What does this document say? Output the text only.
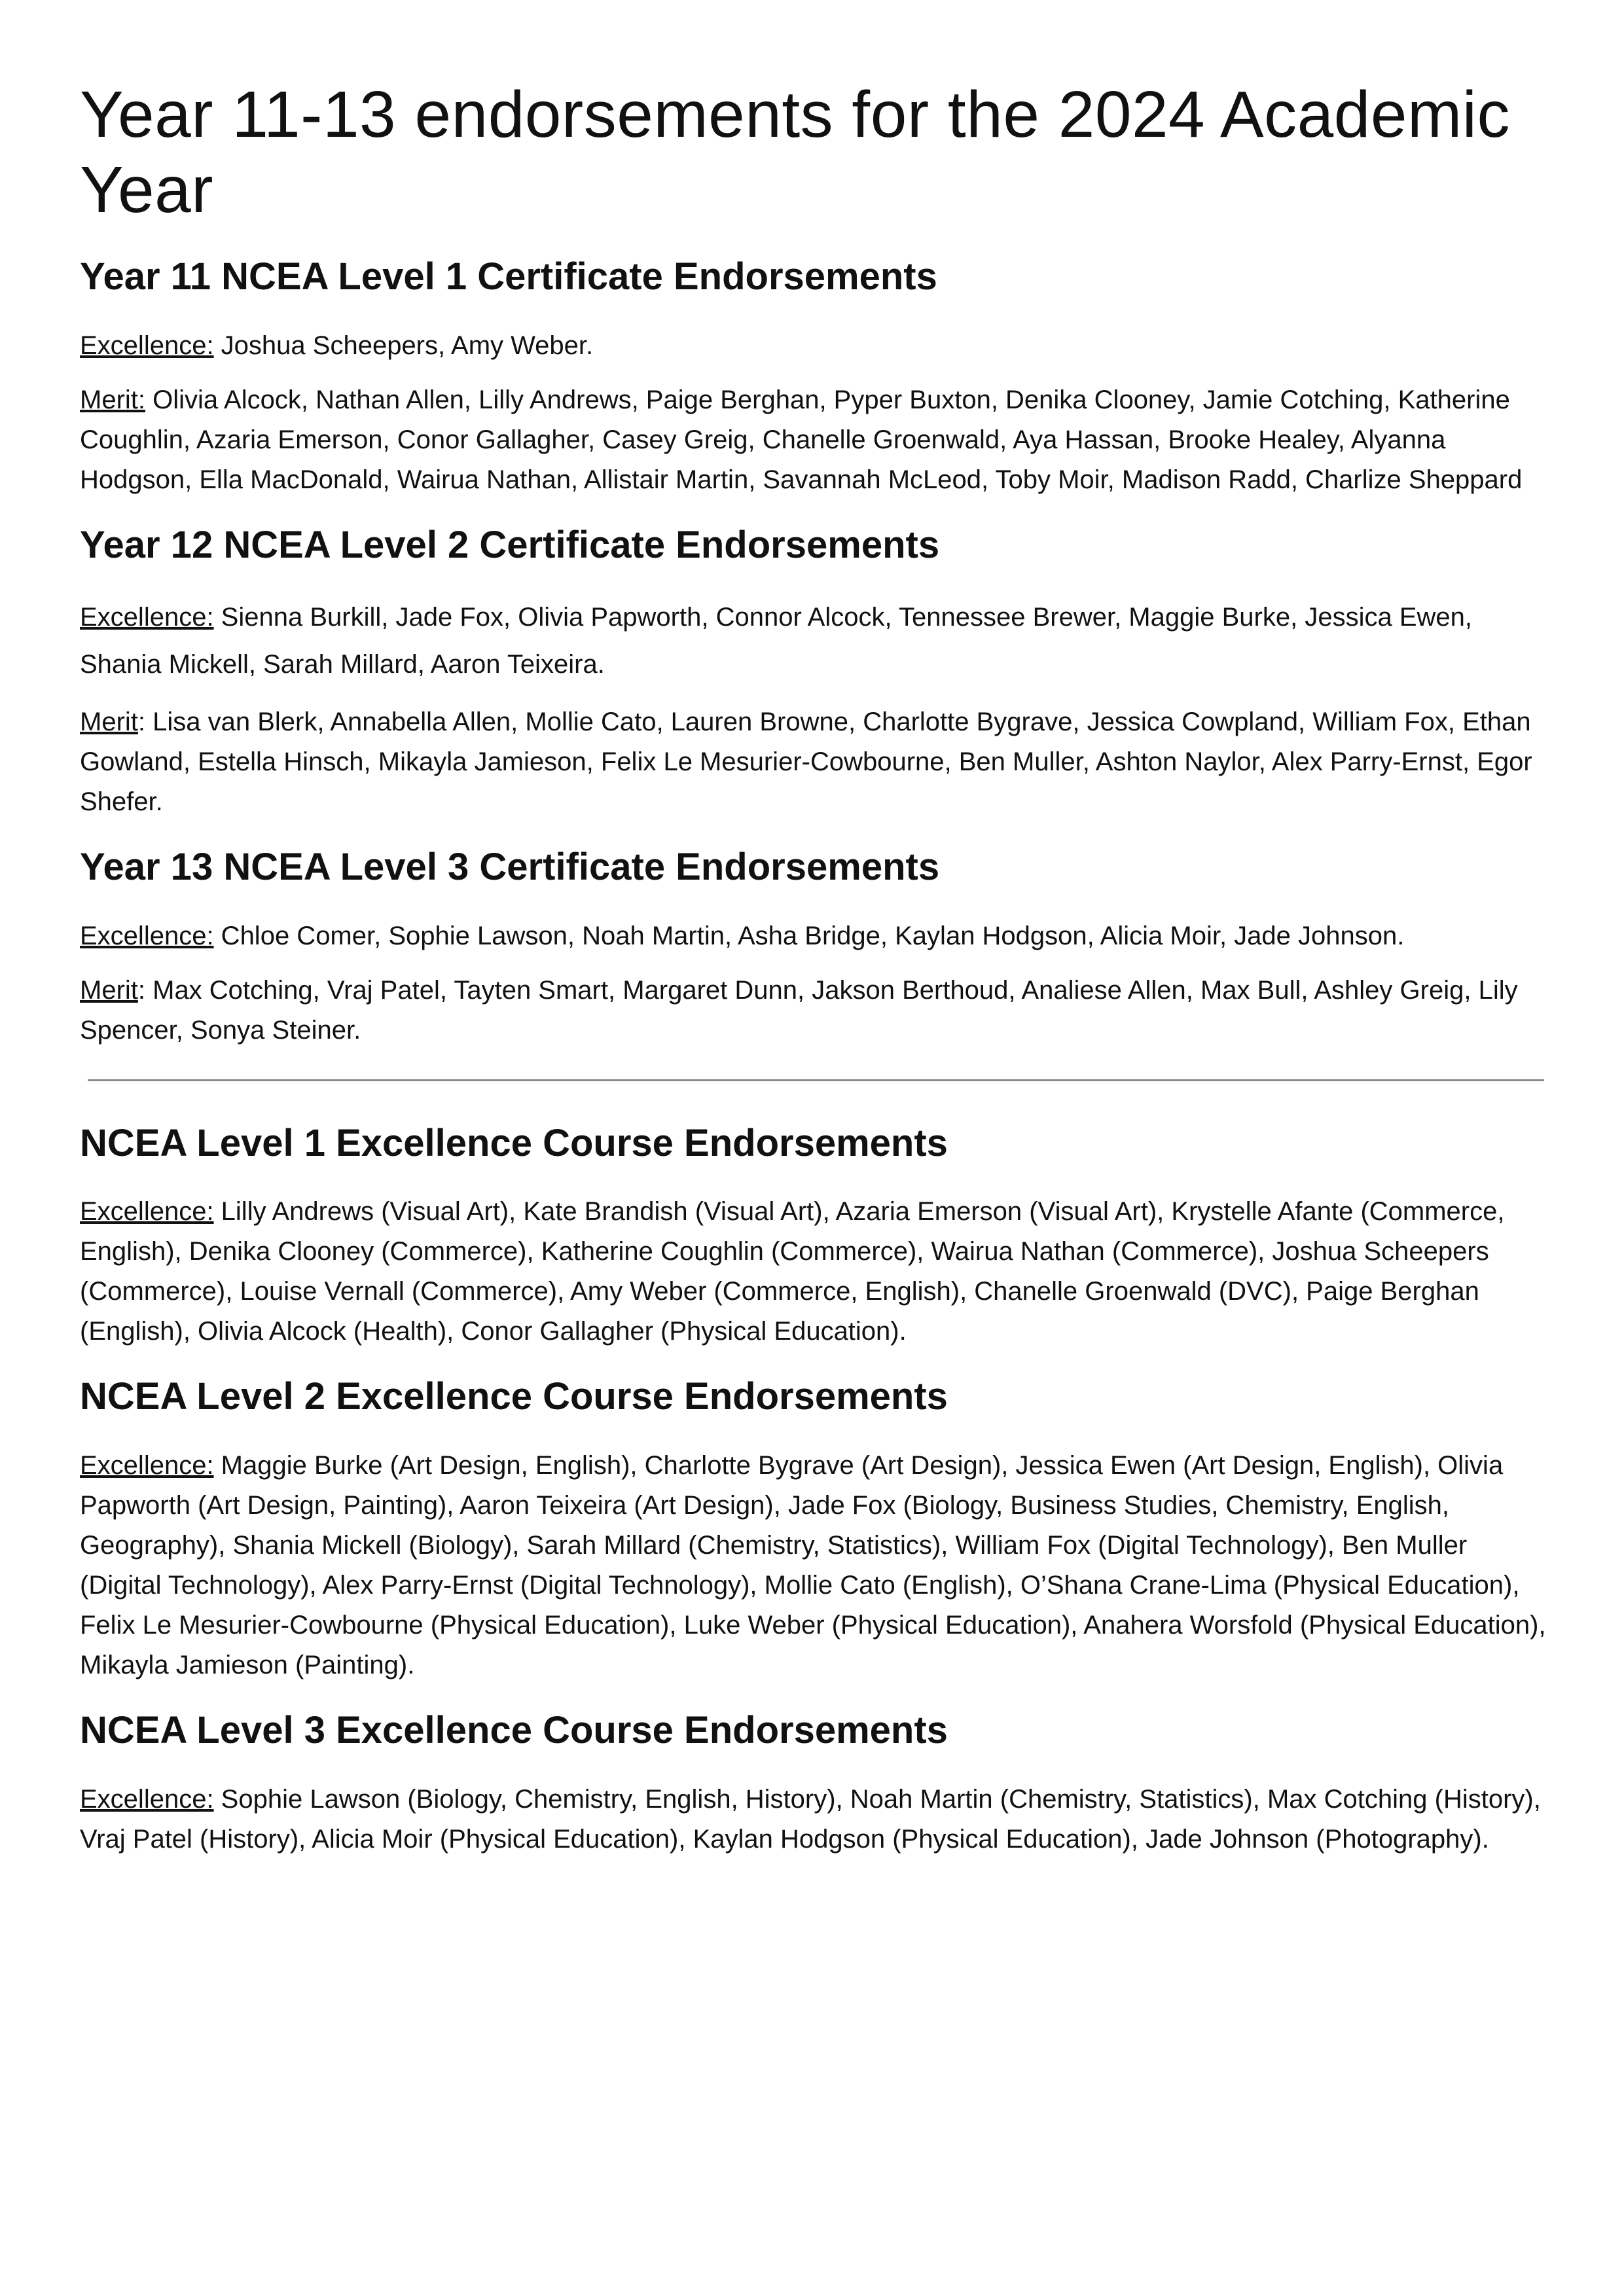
Year 11-13 endorsements for the 2024 Academic Year
Year 11 NCEA Level 1 Certificate Endorsements

Excellence: Joshua Scheepers, Amy Weber.

Merit: Olivia Alcock, Nathan Allen, Lilly Andrews, Paige Berghan, Pyper Buxton, Denika Clooney, Jamie Cotching, Katherine Coughlin, Azaria Emerson, Conor Gallagher, Casey Greig, Chanelle Groenwald, Aya Hassan, Brooke Healey, Alyanna Hodgson, Ella MacDonald, Wairua Nathan, Allistair Martin, Savannah McLeod, Toby Moir, Madison Radd, Charlize Sheppard

Year 12 NCEA Level 2 Certificate Endorsements

Excellence: Sienna Burkill, Jade Fox, Olivia Papworth, Connor Alcock, Tennessee Brewer, Maggie Burke, Jessica Ewen, Shania Mickell, Sarah Millard, Aaron Teixeira.

Merit: Lisa van Blerk, Annabella Allen, Mollie Cato, Lauren Browne, Charlotte Bygrave, Jessica Cowpland, William Fox, Ethan Gowland, Estella Hinsch, Mikayla Jamieson, Felix Le Mesurier-Cowbourne, Ben Muller, Ashton Naylor, Alex Parry-Ernst, Egor Shefer.

Year 13 NCEA Level 3 Certificate Endorsements

Excellence: Chloe Comer, Sophie Lawson, Noah Martin, Asha Bridge, Kaylan Hodgson, Alicia Moir, Jade Johnson.

Merit: Max Cotching, Vraj Patel, Tayten Smart, Margaret Dunn, Jakson Berthoud, Analiese Allen, Max Bull, Ashley Greig, Lily Spencer, Sonya Steiner.

NCEA Level 1 Excellence Course Endorsements

Excellence: Lilly Andrews (Visual Art), Kate Brandish (Visual Art), Azaria Emerson (Visual Art), Krystelle Afante (Commerce, English), Denika Clooney (Commerce), Katherine Coughlin (Commerce), Wairua Nathan (Commerce), Joshua Scheepers (Commerce), Louise Vernall (Commerce), Amy Weber (Commerce, English), Chanelle Groenwald (DVC), Paige Berghan (English), Olivia Alcock (Health), Conor Gallagher (Physical Education).

NCEA Level 2 Excellence Course Endorsements

Excellence: Maggie Burke (Art Design, English), Charlotte Bygrave (Art Design), Jessica Ewen (Art Design, English), Olivia Papworth (Art Design, Painting), Aaron Teixeira (Art Design), Jade Fox (Biology, Business Studies, Chemistry, English, Geography), Shania Mickell (Biology), Sarah Millard (Chemistry, Statistics), William Fox (Digital Technology), Ben Muller (Digital Technology), Alex Parry-Ernst (Digital Technology), Mollie Cato (English), O’Shana Crane-Lima (Physical Education), Felix Le Mesurier-Cowbourne (Physical Education), Luke Weber (Physical Education), Anahera Worsfold (Physical Education), Mikayla Jamieson (Painting).

NCEA Level 3 Excellence Course Endorsements

Excellence: Sophie Lawson (Biology, Chemistry, English, History), Noah Martin (Chemistry, Statistics), Max Cotching (History), Vraj Patel (History), Alicia Moir (Physical Education), Kaylan Hodgson (Physical Education), Jade Johnson (Photography).
